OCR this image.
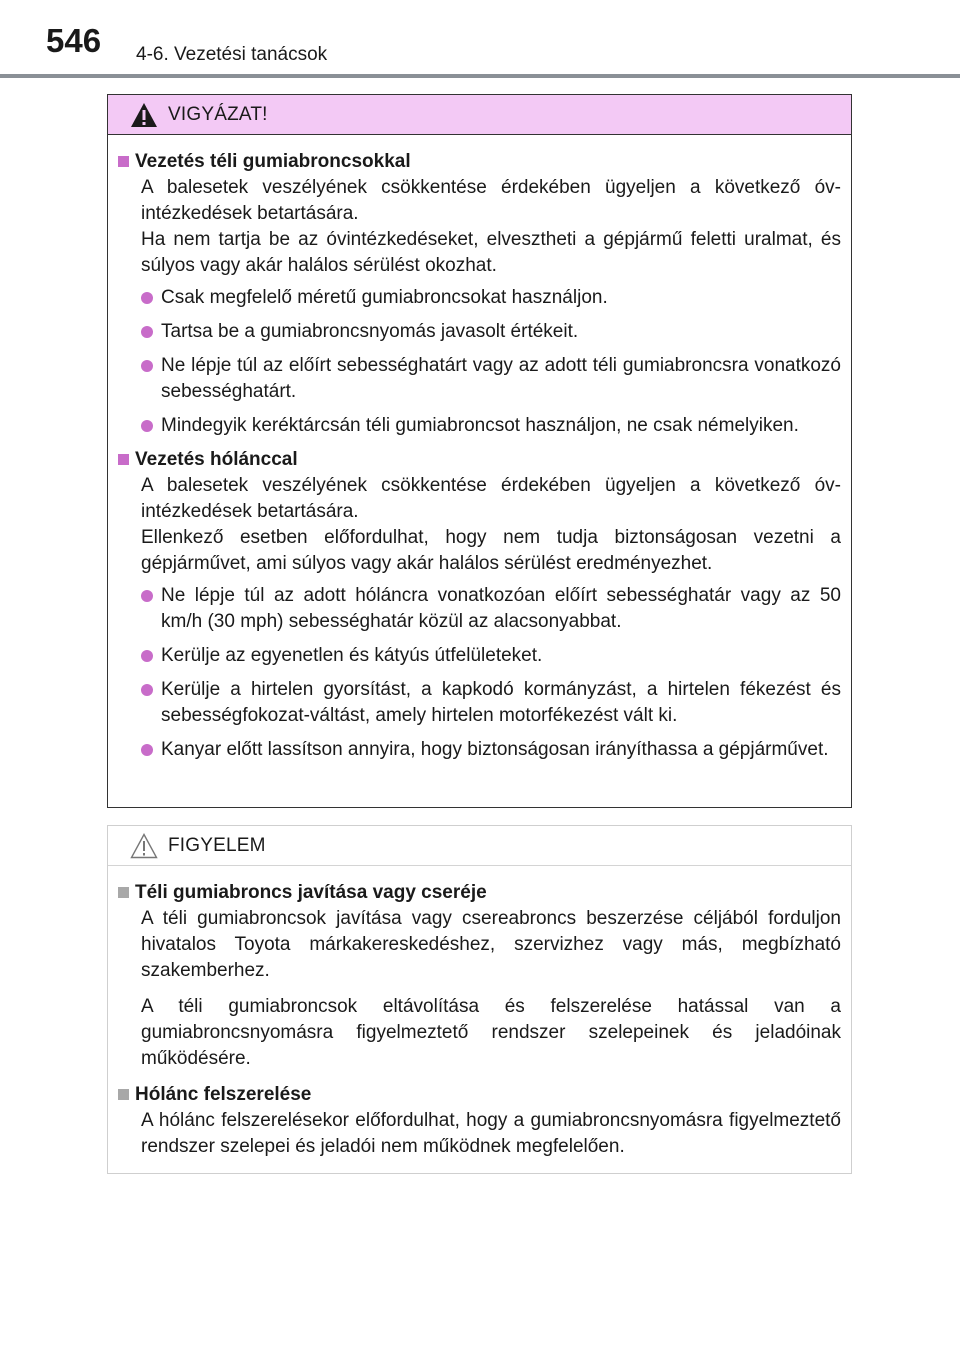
546 4-6. Vezetési tanácsok
VIGYÁZAT!
Vezetés téli gumiabroncsokkal

A balesetek veszélyének csökkentése érdekében ügyeljen a következő óv-intézkedések betartására.

Ha nem tartja be az óvintézkedéseket, elvesztheti a gépjármű feletti uralmat, és súlyos vagy akár halálos sérülést okozhat.

Csak megfelelő méretű gumiabroncsokat használjon.
Tartsa be a gumiabroncsnyomás javasolt értékeit.
Ne lépje túl az előírt sebességhatárt vagy az adott téli gumiabroncsra vonatkozó sebességhatárt.
Mindegyik keréktárcsán téli gumiabroncsot használjon, ne csak némelyiken.
Vezetés hólánccal

A balesetek veszélyének csökkentése érdekében ügyeljen a következő óv-intézkedések betartására.

Ellenkező esetben előfordulhat, hogy nem tudja biztonságosan vezetni a gépjárművet, ami súlyos vagy akár halálos sérülést eredményezhet.

Ne lépje túl az adott hóláncra vonatkozóan előírt sebességhatár vagy az 50 km/h (30 mph) sebességhatár közül az alacsonyabbat.
Kerülje az egyenetlen és kátyús útfelületeket.
Kerülje a hirtelen gyorsítást, a kapkodó kormányzást, a hirtelen fékezést és sebességfokozat-váltást, amely hirtelen motorfékezést vált ki.
Kanyar előtt lassítson annyira, hogy biztonságosan irányíthassa a gépjárművet.
FIGYELEM
Téli gumiabroncs javítása vagy cseréje

A téli gumiabroncsok javítása vagy csereabroncs beszerzése céljából forduljon hivatalos Toyota márkakereskedéshez, szervizhez vagy más, megbízható szakemberhez.

A téli gumiabroncsok eltávolítása és felszerelése hatással van a gumiabroncsnyomásra figyelmeztető rendszer szelepeinek és jeladóinak működésére.

Hólánc felszerelése

A hólánc felszerelésekor előfordulhat, hogy a gumiabroncsnyomásra figyelmeztető rendszer szelepei és jeladói nem működnek megfelelően.
